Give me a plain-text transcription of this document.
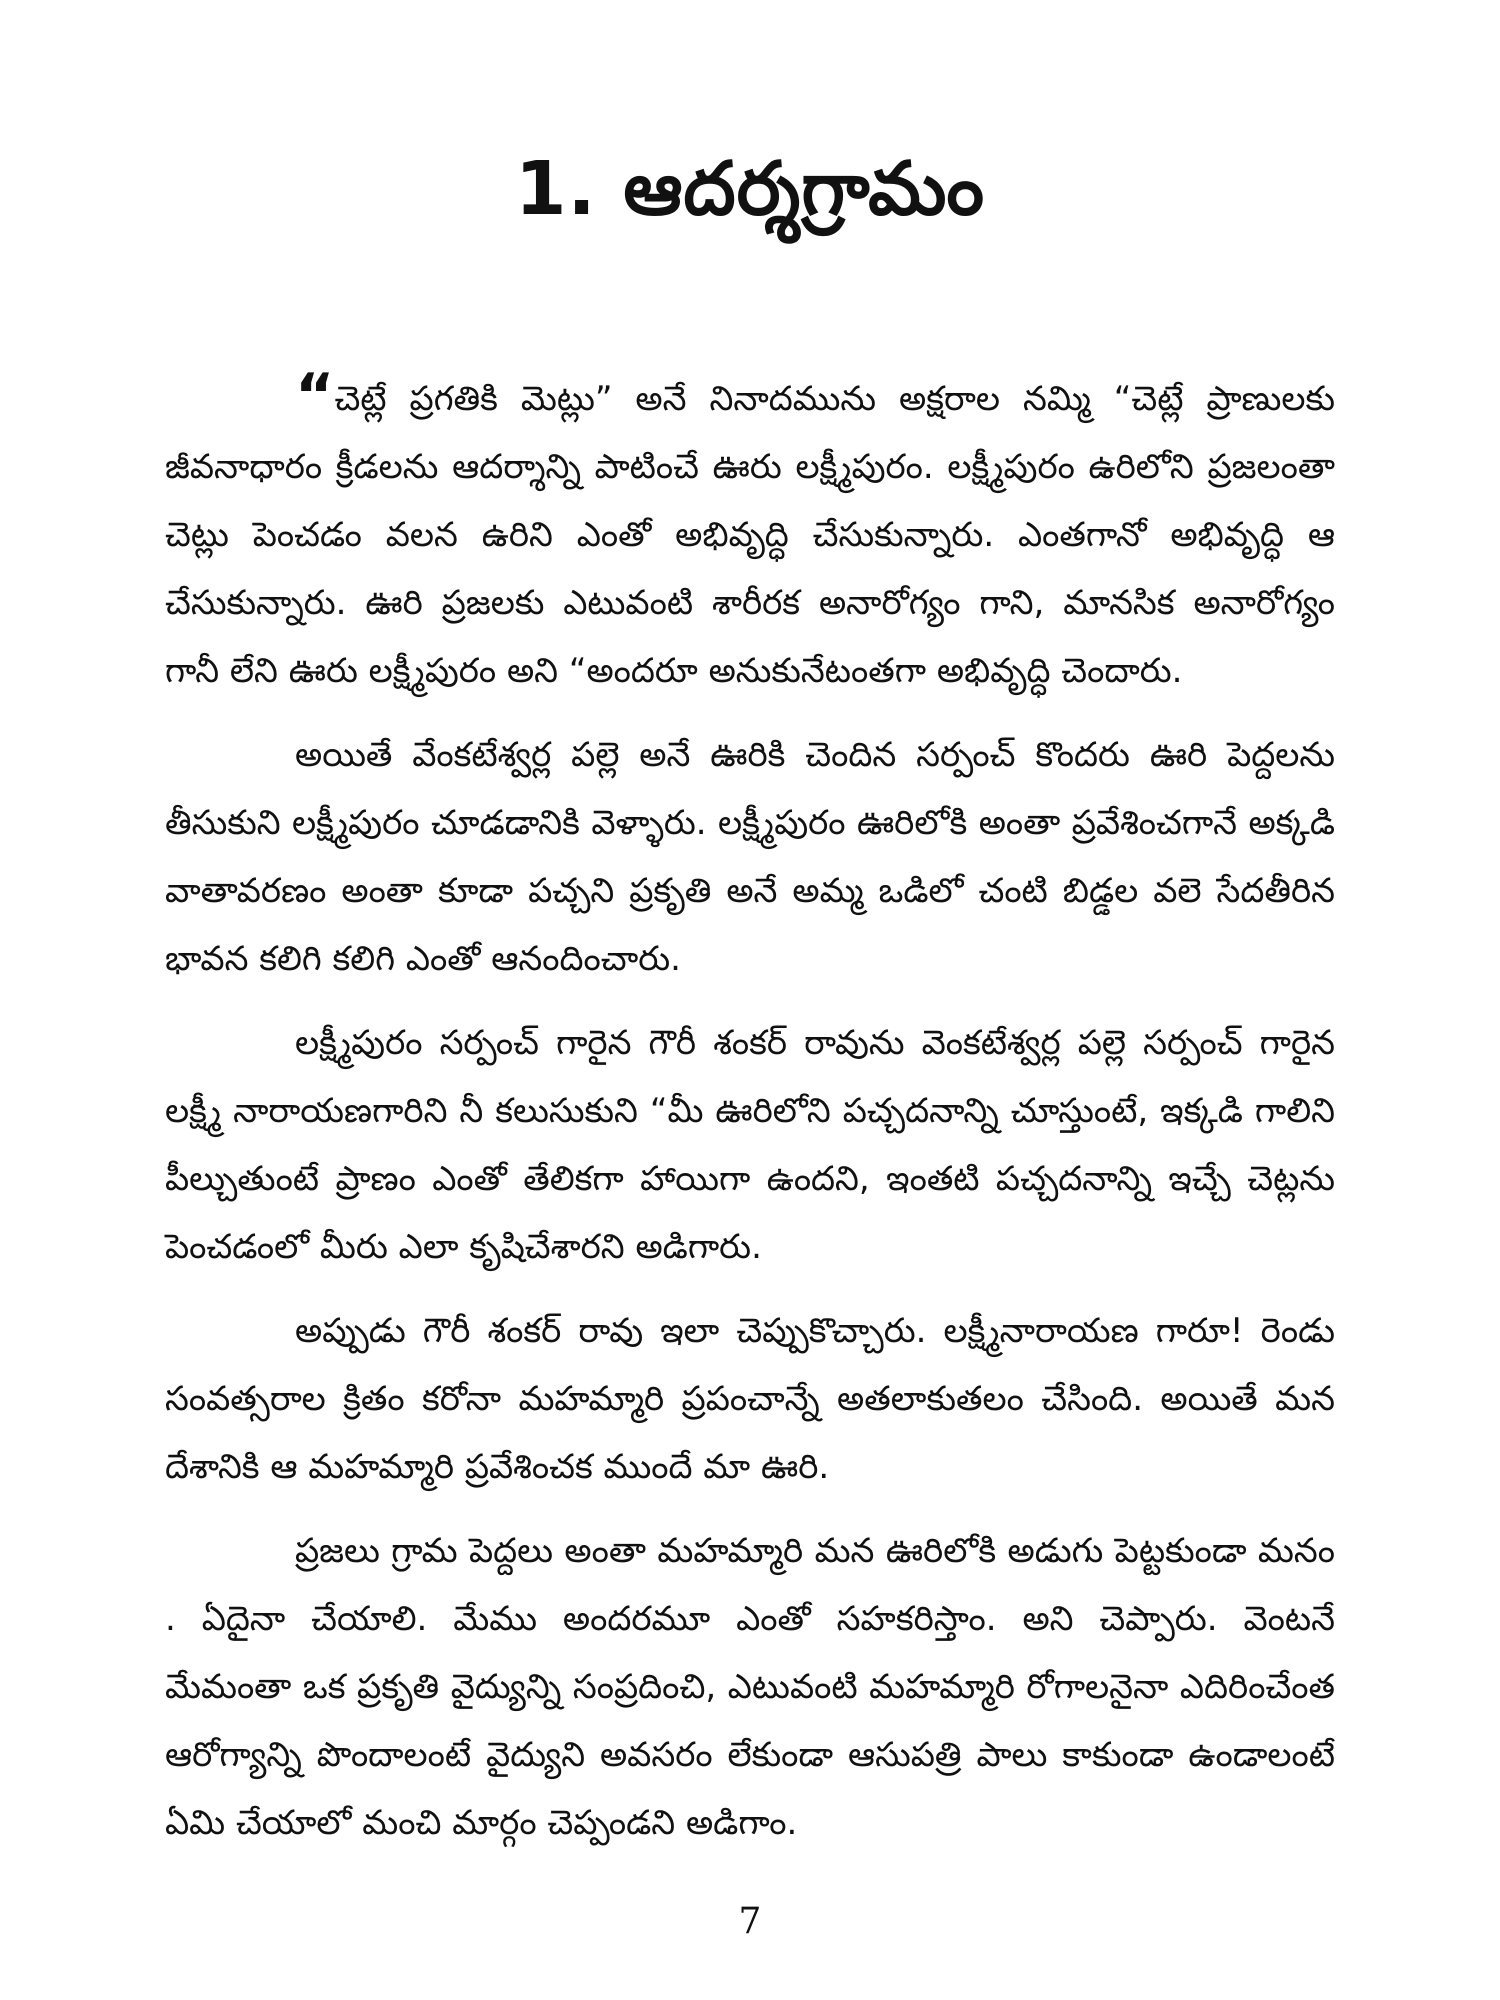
1. ఆదర్శగ్రామం

“చెట్లే ప్రగతికి మెట్లు” అనే నినాదమును అక్షరాల నమ్మి “చెట్లే ప్రాణులకు జీవనాధారం క్రీడలను ఆదర్శాన్ని పాటించే ఊరు లక్ష్మీపురం. లక్ష్మీపురం ఉరిలోని ప్రజలంతా చెట్లు పెంచడం వలన ఉరిని ఎంతో అభివృద్ధి చేసుకున్నారు. ఎంతగానో అభివృద్ధి ఆ చేసుకున్నారు. ఊరి ప్రజలకు ఎటువంటి శారీరక అనారోగ్యం గాని, మానసిక అనారోగ్యం గానీ లేని ఊరు లక్ష్మీపురం అని “అందరూ అనుకునేటంతగా అభివృద్ధి చెందారు.

అయితే వేంకటేశ్వర్ల పల్లె అనే ఊరికి చెందిన సర్పంచ్ కొందరు ఊరి పెద్దలను తీసుకుని లక్ష్మీపురం చూడడానికి వెళ్ళారు. లక్ష్మీపురం ఊరిలోకి అంతా ప్రవేశించగానే అక్కడి వాతావరణం అంతా కూడా పచ్చని ప్రకృతి అనే అమ్మ ఒడిలో చంటి బిడ్డల వలె సేదతీరిన భావన కలిగి కలిగి ఎంతో ఆనందించారు.

లక్ష్మీపురం సర్పంచ్ గారైన గౌరీ శంకర్ రావును వెంకటేశ్వర్ల పల్లె సర్పంచ్ గారైన లక్ష్మీ నారాయణగారిని నీ కలుసుకుని “మీ ఊరిలోని పచ్చదనాన్ని చూస్తుంటే, ఇక్కడి గాలిని పీల్చుతుంటే ప్రాణం ఎంతో తేలికగా హాయిగా ఉందని, ఇంతటి పచ్చదనాన్ని ఇచ్చే చెట్లను పెంచడంలో మీరు ఎలా కృషిచేశారని అడిగారు.

అప్పుడు గౌరీ శంకర్ రావు ఇలా చెప్పుకొచ్చారు. లక్ష్మీనారాయణ గారూ! రెండు సంవత్సరాల క్రితం కరోనా మహమ్మారి ప్రపంచాన్నే అతలాకుతలం చేసింది. అయితే మన దేశానికి ఆ మహమ్మారి ప్రవేశించక ముందే మా ఊరి.

ప్రజలు గ్రామ పెద్దలు అంతా మహమ్మారి మన ఊరిలోకి అడుగు పెట్టకుండా మనం . ఏదైనా చేయాలి. మేము అందరమూ ఎంతో సహకరిస్తాం. అని చెప్పారు. వెంటనే మేమంతా ఒక ప్రకృతి వైద్యున్ని సంప్రదించి, ఎటువంటి మహమ్మారి రోగాలనైనా ఎదిరించేంత ఆరోగ్యాన్ని పొందాలంటే వైద్యుని అవసరం లేకుండా ఆసుపత్రి పాలు కాకుండా ఉండాలంటే ఏమి చేయాలో మంచి మార్గం చెప్పండని అడిగాం.

7
